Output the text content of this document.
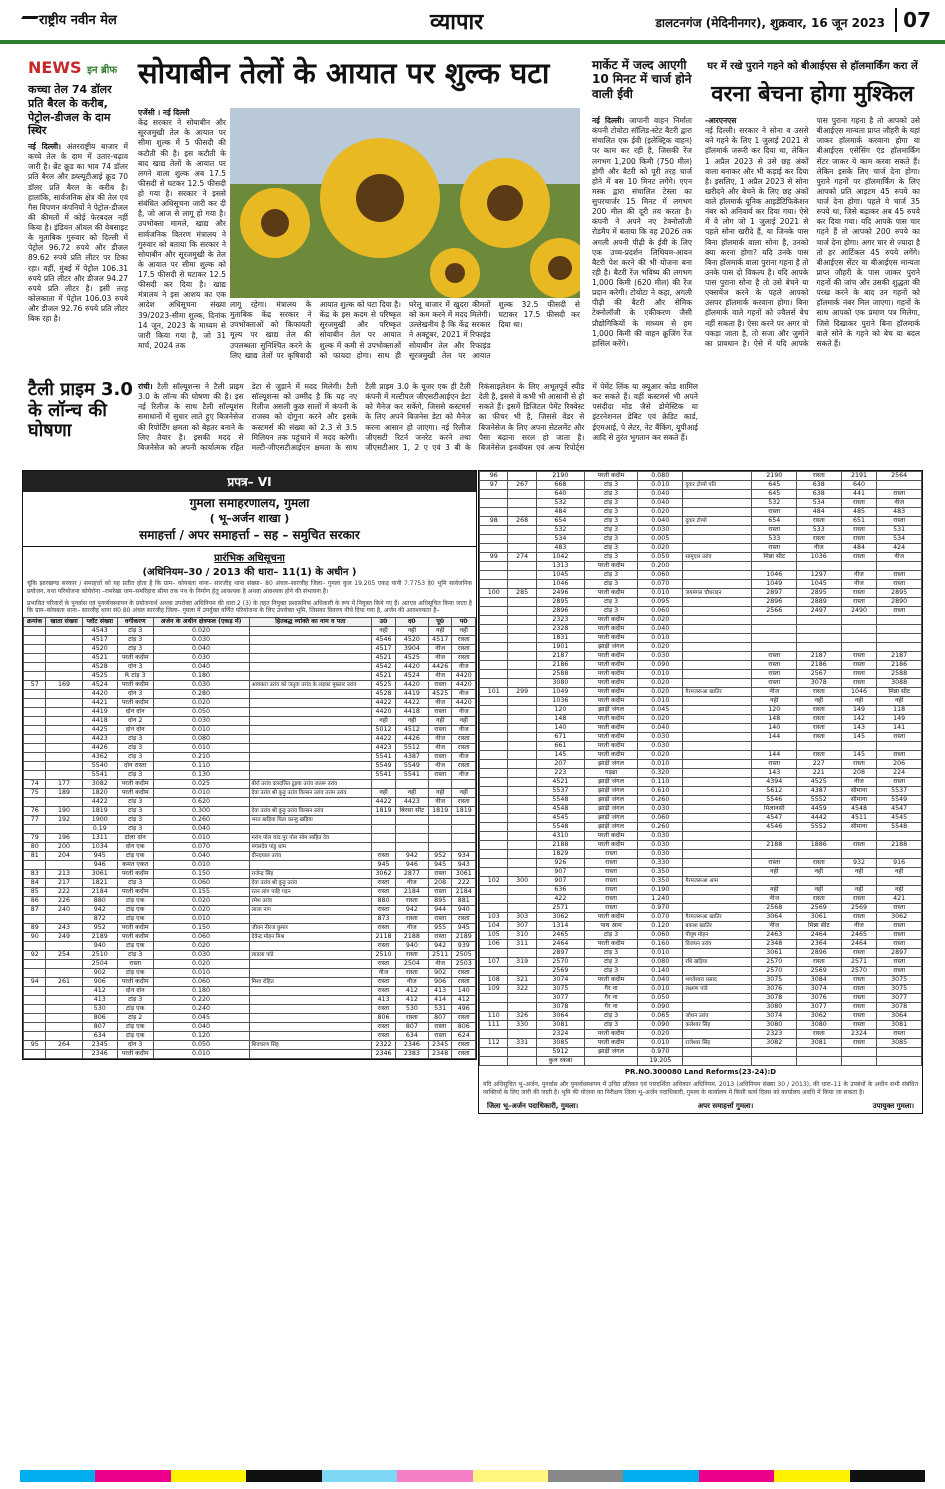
राष्ट्रीय नवीन मेल	व्यापार	डालटनगंज (मेदिनीनगर), शुक्रवार, 16 जून 2023 07
NEWS इन ब्रीफ
कच्चा तेल 74 डॉलर प्रति बैरल के करीब, पेट्रोल-डीजल के दाम स्थिर
नई दिल्ली। अंतरराष्ट्रीय बाजार में कच्चे तेल के दाम में उतार-चढ़ाव जारी है। ब्रेंट क्रूड का भाव 74 डॉलर प्रति बैरल और डब्ल्यूटीआई क्रूड 70 डॉलर प्रति बैरल के करीब है। हालांकि, सार्वजनिक क्षेत्र की तेल एवं गैस विपणन कंपनियों ने पेट्रोल-डीजल की कीमतों में कोई फेरबदल नहीं किया है। इंडियन ऑयल की वेबसाइट के मुताबिक गुरुवार को दिल्ली में पेट्रोल 96.72 रुपये और डीजल 89.62 रुपये प्रति लीटर पर टिका रहा। वहीं, मुंबई में पेट्रोल 106.31 रुपये प्रति लीटर और डीजल 94.27 रुपये प्रति लीटर है। इसी तरह कोलकाता में पेट्रोल 106.03 रुपये और डीजल 92.76 रुपये प्रति लीटर बिक रहा है।
सोयाबीन तेलों के आयात पर शुल्क घटा
एजेंसी । नई दिल्ली
केंद्र सरकार ने सोयाबीन और सूरजमुखी तेल के आयात पर सीमा शुल्क में 5 फीसदी की कटौती की है। इस कटौती के बाद खाद्य तेलों के आयात पर लगने वाला शुल्क अब 17.5 फीसदी से घटकर 12.5 फीसदी हो गया है। सरकार ने इससे संबंधित अधिसूचना जारी कर दी है, जो आज से लागू हो गया है। उपभोक्ता मामले, खाद्य और सार्वजनिक वितरण मंत्रालय ने गुरुवार को बताया कि सरकार ने सोयाबीन और सूरजमुखी के तेल के आयात पर सीमा शुल्क को 17.5 फीसदी से घटाकर 12.5 फीसदी कर दिया है। खाद्य मंत्रालय ने इस आशय का एक आदेश अधिसूचना संख्या 39/2023-सीमा शुल्क, दिनांक 14 जून, 2023 के माध्यम से जारी किया गया है, जो 31 मार्च, 2024 तक
लागू रहेगा। मंत्रालय के मुताबिक केंद्र सरकार ने उपभोक्ताओं को किफायती मूल्य पर खाद्य तेल की उपलब्धता सुनिश्चित करने के लिए खाद्य तेलों पर कृषिवादी आयात शुल्क को घटा दिया है। केंद्र के इस कदम से परिष्कृत सूरजमुखी और परिष्कृत सोयाबीन तेल पर आयात शुल्क में कमी से उपभोक्ताओं को फायदा होगा। साथ ही घरेलू बाजार में खुदरा कीमतों को कम करने में मदद मिलेगी। उल्लेखनीय है कि केंद्र सरकार ने अक्टूबर, 2021 में रिफाइंड सोयाबीन तेल और रिफाइंड सूरजमुखी तेल पर आयात शुल्क 32.5 फीसदी से घटाकर 17.5 फीसदी कर दिया था।
मार्केट में जल्द आएगी 10 मिनट में चार्ज होने वाली ईवी
नई दिल्ली। जापानी वाहन निर्माता कंपनी टोयोटा सॉलिड-स्टेट बैटरी द्वारा संचालित एक ईवी (इलेक्ट्रिक वाहन) पर काम कर रही है, जिसकी रेंज लगभग 1,200 किमी (750 मील) होगी और बैटरी को पूरी तरह चार्ज होने में बस 10 मिनट लगेंगे। एएन मस्क द्वारा संचालित टेस्ला का सुपरचार्जर 15 मिनट में लगभग 200 मील की दूरी तय करता है। कंपनी ने अपने नए टेक्नोलॉजी रोडमैप में बताया कि वह 2026 तक अगली अपनी पीढ़ी के ईवी के लिए एक उच्च-प्रदर्शन लिथियम-आयन बैटरी पेश करने की भी योजना बना रही है। बैटरी रेंज भविष्य की लगभग 1,000 किमी (620 मील) की रेंज प्रदान करेगी। टोयोटा ने कहा, अगली पीढ़ी की बैटरी और सेमिक टेक्नोलॉजी के एकीकरण जैसी प्रौद्योगिकियों के माध्यम से हम 1,000 किमी की वाहन क्रूजिंग रेंज हासिल करेंगे।
घर में रखे पुराने गहने को बीआईएस से हॉलमार्किंग करा लें
वरना बेचना होगा मुश्किल
-आरएनएस
नई दिल्ली। सरकार ने सोना व उससे बने गहने के लिए 1 जुलाई 2021 से हॉलमार्क जरूरी कर दिया था, लेकिन 1 अप्रैल 2023 से उसे छह अंकों वाला बनाकर और भी कड़ाई कर दिया है। इसलिए, 1 अप्रैल 2023 से सोना खरीदने और बेचने के लिए छह अंकों वाले हॉलमार्क यूनिक आइडेंटिफिकेशन नंबर को अनिवार्य कर दिया गया। ऐसे में वे लोग जो 1 जुलाई 2021 से पहले सोना खरीदे हैं, या जिनके पास बिना हॉलमार्क वाला सोना है, उनको क्या करना होगा? यदि उनके पास बिना हॉलमार्क वाला पुराना गहना है तो उनके पास दो विकल्प है। यदि आपके पास पुराना सोना है तो उसे बेचने या एक्सचेंज करने के पहले आपको उसपर हॉलमार्क करवाना होगा। बिना हॉलमार्क वाले गहनों को ज्वैलर्स बेच नहीं सकता है। ऐसा करने पर अगर वो पकड़ा जाता है, तो सजा और जुर्माने का प्रावधान है। ऐसे में यदि आपके पास पुराना गहना है तो आपको उसे बीआईएस मान्यता प्राप्त जौहरी के यहां जाकर हॉलमार्क करवाना होगा या बीआईएस एसेसिंग एंड हॉलमार्किंग सेंटर जाकर ये काम करवा सकते हैं। लेकिन इसके लिए चार्ज देना होगा। पुराने गहनों पर हॉलमार्किंग के लिए आपको प्रति आइटम 45 रुपये का चार्ज देना होगा। पहले ये चार्ज 35 रुपये था, जिसे बढ़ाकर अब 45 रुपये कर दिया गया। यदि आपके पास चार गहने हैं तो आपको 200 रुपये का चार्ज देना होगा। अगर चार से ज्यादा है तो हर आर्टिकल 45 रुपये लगेंगे। बीआईएस सेंटर या बीआईएस मान्यता प्राप्त जौहरी के पास जाकर पुराने गहनों की जांच और उसकी शुद्धता की परख करने के बाद उन गहनों को हॉलमार्क नंबर मिल जाएगा। गहनों के साथ आपको एक प्रमाण पत्र मिलेगा, जिसे दिखाकर पुराने बिना हॉलमार्क वाले सोने के गहने को बेच या बदल सकते हैं।
टैली प्राइम 3.0 के लॉन्च की घोषणा
रांची। टैली सॉल्यूशन्स ने टैली प्राइम 3.0 के लॉन्च की घोषणा की है। इस नई रिलीज के साथ टैली सॉल्यूशंस समाधानों में सुधार लाते हुए बिजनेसेज की रिपोर्टिंग क्षमता को बेहतर बनाने के लिए तैयार है। इसकी मदद से बिजनेसेज को अपनी कार्यात्मक रहित डेटा से जुड़ाने में मदद मिलेगी। टैली सॉल्यूशन्स को उम्मीद है कि यह नए रिलीज असली कुछ सालों में कंपनी के राजस्व को दोगुना करने और इसके कस्टमर्स की संख्या को 2.3 से 3.5 मिलियन तक पहुंचाने में मदद करेगी। मल्टी-जीएसटीआईएन क्षमता के साथ टैली प्राइम 3.0 के यूजर एक ही टैली कंपनी में मल्टीपल जीएसटीआईएन डेटा को मैनेज कर सकेंगे, जिससे कस्टमर्स के लिए अपने बिजनेस डेटा को मैनेज करना आसान हो जाएगा। नई रिलीज जीएसटी रिटर्न जनरेट करने तथा जीएसटीआर 1, 2 ए एवं 3 बी के रिकंसाइलेशन के लिए अभूतपूर्व स्पीड देती है, इससे वे कभी भी आसानी से हो सकते हैं। इसमें डिजिटल पेमेंट रिक्वेस्ट का फीचर भी है, जिससे वेंडर से बिजनेसेज के लिए अपना सेटलमेंट और पैसा बढ़ाना सरल हो जाता है। बिजनेसेज इनवॉयस एवं अन्य रिपोर्ट्स में पेमेंट लिंक या क्यूआर कोड शामिल कर सकते हैं। वहीं कस्टमर्स भी अपने पसंदीदा मोड जैसे डोमेस्टिक या इंटरनेशनल डेबिट एवं क्रेडिट कार्ड, ईएमआई, पे लेटर, नेट बैंकिंग, यूपीआई आदि से तुरंत भुगतान कर सकते हैं।
प्रपत्र– VI
गुमला समाहरणालय, गुमला
( भू–अर्जन शाखा )
समाहर्त्ता / अपर समाहर्त्ता – सह – समुचित सरकार
प्रारंभिक अधिसूचना
(अधिनियम–30 / 2013 की धारा– 11(1) के अधीन )
चूंकि झारखण्ड सरकार / समाहर्त्ता को यह प्रतीत होता है कि ग्राम– कोयबता थाना– सारजीह थाना संख्या– 80 अंचल–सारजीह जिला– गुमला कुल 19.205 एकड़ यानी 7.7753 हे0 भूमि सार्वजनिक प्रयोजन, यथा परियोजना कोयेरोना –रामरेखा धाम–समरिहारा सीमा तक पथ के निर्माण हेतु आवश्यक है अथवा आवश्यक होने की संभावना है।
प्रभावित परिवारों के पुनर्वास एवं पुनर्व्यवस्थापन के प्रयोजनार्थ अथवा उपरोक्त अधिनियम की धारा 2 (3) के तहत नियुक्त प्रशासनिक अधिकारी के रूप में नियुक्त किये गए हैं। अतएव अधिसूचित किया जाता है कि ग्राम–कोयबता थाना– सारजीह थाना सं0 80 अंचल सारजीह जिला– गुमला में उपर्युक्त वर्णित परियोजना के लिए उपरोक्त भूमि, जिसका विवरण नीचे दिया गया है, अर्जन की आवश्यकता है–
क्रमांक	खाता संख्या	प्लॉट संख्या	वर्गीकरण	अर्जन के अधीन क्षेत्रफल (एकड़ में)	हितबद्ध व्यक्ति का नाम व पता	उ0	द0	पू0	प0
		4543	टांड़ 3	0.020		नहीं	नहीं	नहीं	नहीं
		4517	टांड़ 3	0.030		4546	4520	4517	रास्ता
		4520	टांड़ 3	0.040		4517	3904	नीज	रास्ता
		4521	परती कदीम	0.030		4521	4525	नीज	रास्ता
		4528	दोन 3	0.040		4542	4420	4426	नीज
		4525	R टांड़ 3	0.180		4521	4524	नीज	4420
57	169	4524	परती कदीम	0.030	आयकरा उरांव को जतुवा उरांव के लड़का मुख्तार उरांव	4525	4420	रास्ता	4420
		4420	दोन 3	0.280		4528	4419	4525	नीज
		4421	परती कदीम	0.020		4422	4422	नीज	4420
		4419	दोन दोन	0.050		4420	4418	रास्ता	नीज
		4418	दोन 2	0.030		नहीं	नहीं	नहीं	नहीं
		4425	दोन दोन	0.010		5012	4512	रास्ता	नीज
		4423	टांड़ 3	0.080		4422	4426	नीज	रास्ता
		4426	टांड़ 3	0.010		4423	5512	नीज	रास्ता
		4362	टांड़ 3	0.210		5541	4387	रास्ता	नीज
		5540	दोन रास्ता	0.110		5549	5549	नीज	रास्ता
		5541	टांड़ 3	0.130		5541	5541	रास्ता	नीज
74	177	3082	परती कदीम	0.025	बीर्रा उरांव दलदलित टुइया उरांव जतरू उरांव				
75	189	1820	परती कदीम	0.010	देवा उरांव श्री कुड़ु उरांव विल्सन उरांव उत्तम उरांव	नहीं	नहीं	नहीं	नहीं
		4422	टांड़ 3	0.620		4422	4423	नीज	रास्ता
76	190	1819	टांड़ 3	0.300	देवा उरांव श्री कुड़ु उरांव विल्सन उरांव	1819	बिरसा सीट	1819	1819
77	192	1900	टांड़ 3	0.260	भरत खड़िया पिता कान्हू खड़िया				
		0.19	टांड़ 3	0.040					
79	196	1311	टोला दोन	0.010	मरांग पोल चांद पुर पोल सोम साहित देव				
80	200	1034	दोन एक	0.070	मंगलदेव पांडु धाम				
81	204	945	टांड़ एक	0.040	दीनदयाल उरांव	रास्ता	942	952	934
		946	कमत एकत	0.010		945	946	945	943
83	213	3061	परती कदीम	0.150	राजेन्द्र सिंह	3062	2877	रास्ता	3061
84	217	1821	टांड़ 3	0.060	देवा उरांव श्री कुड़ु उरांव	रास्ता	नीज	208	222
85	222	2184	परती कदीम	0.155	रतन लांग पाहि गड़न	रास्ता	2184	रास्ता	2184
86	226	880	टांड़ एक	0.020	रमेश उरांव	880	रास्ता	895	881
87	240	942	टांड़ एक	0.020	लाला नाग	रास्ता	942	944	940
		872	टांड़ एक	0.010		873	रास्ता	रास्ता	रास्ता
89	243	952	परती कदीम	0.150	जीवन नीरज कुमार	रास्ता	नीज	955	945
90	249	2189	परती कदीम	0.060	देवेन्द्र मोहन मिश्र	2118	2188	रास्ता	2189
		940	टांड़ एक	0.020		रास्ता	940	942	939
92	254	2510	टांड़ 3	0.030	लाडला पांडे	2510	रास्ता	2511	2505
		2504	रास्ता	0.020		रास्ता	2504	नीज	2503
		902	टांड़ एक	0.010		नीज	रास्ता	902	रास्ता
94	261	906	परती कदीम	0.060	मिशा रोहित	रास्ता	नीज	906	रास्ता
		412	दोन दोन	0.180		रास्ता	412	413	140
		413	टांड़ 3	0.220		413	412	414	412
		530	टांड़ एक	0.240		रास्ता	530	531	496
		806	टांड़ 2	0.045		806	रास्ता	807	रास्ता
		807	टांड़ एक	0.040		रास्ता	807	रास्ता	806
		634	टांड़ एक	0.120		रास्ता	634	रास्ता	624
95	264	2345	दोन 3	0.050	शिवचरण सिंह	2322	2346	2345	रास्ता
		2346	परती कदीम	0.010		2346	2383	2348	रास्ता
96		2190	परती कदीम	0.080		2190	रास्ता	2191	2564
97	267	668	टांड़ 3	0.010	दुवार टोप्पो पति	645	638	640	
		640	टांड़ 3	0.040		645	638	441	रास्ता
		532	टांड़ 3	0.040		532	534	रास्ता	नीज
		484	टांड़ 3	0.020		रास्ता	484	485	483
98	268	654	टांड़ 3	0.040	दुवार टोप्पो	654	रास्ता	651	रास्ता
		532	टांड़ 3	0.030		रास्ता	533	रास्ता	531
		534	टांड़ 3	0.005		533	रास्ता	रास्ता	534
		483	टांड़ 3	0.020		रास्ता	नीज	484	424
99	274	1042	टांड़ 3	0.050	सामुएल उरांव	मिन्ना सीट	1036	रास्ता	नीज
		1313	परती कदीम	0.200					
		1045	टांड़ 3	0.060		1046	1297	नीज	रास्ता
		1046	टांड़ 3	0.070		1049	1045	नीज	रास्ता
100	285	2496	परती कदीम	0.010	जयमंगल चौधराइन	2897	2895	रास्ता	2895
		2895	टांड़ 3	0.095		2896	2889	रास्ता	2890
		2896	टांड़ 3	0.060		2566	2497	2490	रास्ता
		2323	परती कदीम	0.020					
		2328	परती कदीम	0.040					
		1831	परती कदीम	0.010					
		1901	झाड़ी जंगल	0.020					
		2187	परती कदीम	0.030		रास्ता	2187	रास्ता	2187
		2186	परती कदीम	0.090		रास्ता	2186	रास्ता	2186
		2588	परती कदीम	0.010		रास्ता	2567	रास्ता	2588
		3080	परती कदीम	0.020		रास्ता	3078	रास्ता	3088
101	299	1049	परती कदीम	0.020	गैरमजरूआ खातिर	नीज	रास्ता	1046	मिन्ना सीट
		1036	परती कदीम	0.010		नहीं	नहीं	नहीं	नहीं
		120	झाड़ी जंगल	0.045		120	रास्ता	149	118
		148	परती कदीम	0.020		148	रास्ता	142	149
		140	परती कदीम	0.040		140	रास्ता	143	141
		671	परती कदीम	0.030		144	रास्ता	145	रास्ता
		661	परती कदीम	0.030					
		145	परती कदीम	0.020		144	रास्ता	145	रास्ता
		207	झाड़ी जंगल	0.010		रास्ता	227	रास्ता	206
		223	गड़ढा	0.320		143	221	208	224
		4521	झाड़ी जंगल	0.110		4394	4525	नीज	रास्ता
		5537	झाड़ी जंगल	0.610		5612	4387	सीमाना	5537
		5548	झाड़ी जंगल	0.260		5546	5552	सीमाना	5549
		4548	झाड़ी जंगल	0.030		मिलानसी	4459	4548	4547
		4545	झाड़ी जंगल	0.060		4547	4442	4511	4545
		5548	झाड़ी जंगल	0.260		4546	5552	सीमाना	5548
		4310	परती कदीम	0.030					
		2188	परती कदीम	0.030		2188	1886	रास्ता	2188
		1829	रास्ता	0.030					
		926	रास्ता	0.330		रास्ता	रास्ता	932	916
		907	रास्ता	0.350		नहीं	नहीं	नहीं	नहीं
102	300	907	रास्ता	0.350	गैरमजरूआ आम				
		636	रास्ता	0.190		नहीं	नहीं	नहीं	नहीं
		422	रास्ता	1.240		नीज	रास्ता	रास्ता	421
		2571	रास्ता	0.970		2568	2569	2569	रास्ता
103	303	3062	परती कदीम	0.070	गैरमजरूआ खातिर	3064	3061	रास्ता	3062
104	307	1314	पाथ आम	0.120	बकाश खातिर	नीज	मिन्ना सीट	नीज	रास्ता
105	310	2465	टांड़ 3	0.060	पीयूष मोहन	2463	2464	2465	रास्ता
106	311	2464	परती कदीम	0.160	विजयन उरांव	2348	2364	2464	रास्ता
		2897	टांड़ 3	0.010		3061	2896	रास्ता	2897
107	319	2570	टांड़ 3	0.080	रधि खड़िया	2570	रास्ता	2571	रास्ता
		2569	टांड़ 3	0.140		2570	2569	2570	रास्ता
108	321	3074	परती कदीम	0.040	भगवेंश्वरा प्रसाद	3075	3084	रास्ता	3075
109	322	3075	गैर ना	0.010	लक्ष्मण पांडे	3076	3074	रास्ता	3075
		3077	गैर ना	0.050		3078	3076	रास्ता	3077
		3078	गैर ना	0.090		3080	3077	रास्ता	3078
110	326	3064	टांड़ 3	0.065	जोधन उरांव	3074	3062	रास्ता	3064
111	330	3081	टांड़ 3	0.090	कलेश्वर सिंह	3080	3080	रास्ता	3081
		2324	परती कदीम	0.020		2323	रास्ता	2324	रास्ता
112	331	3085	परती कदीम	0.010	राजेश्वर सिंह	3082	3081	रास्ता	3085
		5912	झाड़ी जंगल	0.970					
		कुल रकबा		19.205					
PR.NO.300080 Land Reforms(23-24):D
यदि अधिसूचित भू–अर्जन, पुनर्वास और पुनर्व्यवस्थापन में उचित प्रतिकर एवं पारदर्शिता अधिकार अधिनियम, 2013 (अधिनियम संख्या 30 / 2013), की धारा–11 के उपबंधों के अधीन सभी संबंधित व्यक्तियों के लिए जारी की जाती है। भूमि की योजना का निरीक्षण जिला भू–अर्जन पदाधिकारी, गुमला के कार्यालय में किसी कार्य दिवस को कार्यालय अवधि में किया जा सकता है।
जिला भू–अर्जन पदाधिकारी, गुमला।	अपर समाहर्त्ता गुमला।	उपायुक्त गुमला।
